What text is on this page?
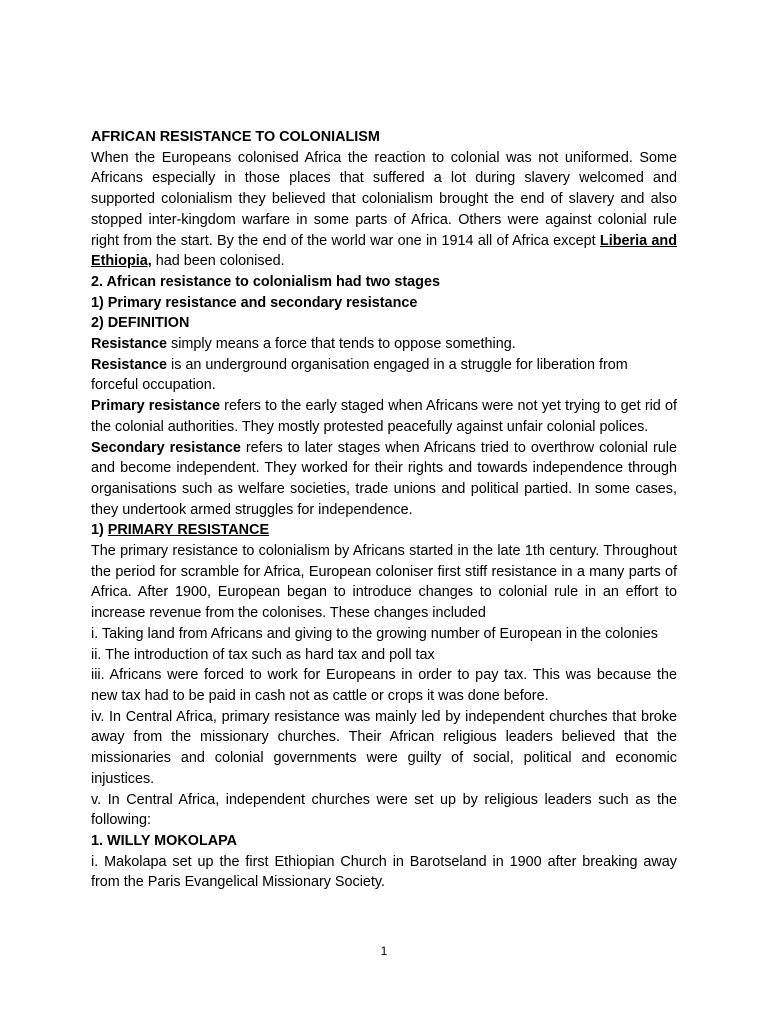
AFRICAN RESISTANCE TO COLONIALISM

When the Europeans colonised Africa the reaction to colonial was not uniformed. Some Africans especially in those places that suffered a lot during slavery welcomed and supported colonialism they believed that colonialism brought the end of slavery and also stopped inter-kingdom warfare in some parts of Africa. Others were against colonial rule right from the start. By the end of the world war one in 1914 all of Africa except Liberia and Ethiopia, had been colonised.

2. African resistance to colonialism had two stages

1) Primary resistance and secondary resistance

2) DEFINITION

Resistance simply means a force that tends to oppose something.

Resistance is an underground organisation engaged in a struggle for liberation from forceful occupation.

Primary resistance refers to the early staged when Africans were not yet trying to get rid of the colonial authorities. They mostly protested peacefully against unfair colonial polices.

Secondary resistance refers to later stages when Africans tried to overthrow colonial rule and become independent. They worked for their rights and towards independence through organisations such as welfare societies, trade unions and political partied. In some cases, they undertook armed struggles for independence.

1) PRIMARY RESISTANCE

The primary resistance to colonialism by Africans started in the late 1th century. Throughout the period for scramble for Africa, European coloniser first stiff resistance in a many parts of Africa. After 1900, European began to introduce changes to colonial rule in an effort to increase revenue from the colonises. These changes included

i. Taking land from Africans and giving to the growing number of European in the colonies

ii. The introduction of tax such as hard tax and poll tax

iii. Africans were forced to work for Europeans in order to pay tax. This was because the new tax had to be paid in cash not as cattle or crops it was done before.

iv. In Central Africa, primary resistance was mainly led by independent churches that broke away from the missionary churches. Their African religious leaders believed that the missionaries and colonial governments were guilty of social, political and economic injustices.

v. In Central Africa, independent churches were set up by religious leaders such as the following:

1. WILLY MOKOLAPA

i. Makolapa set up the first Ethiopian Church in Barotseland in 1900 after breaking away from the Paris Evangelical Missionary Society.

1
